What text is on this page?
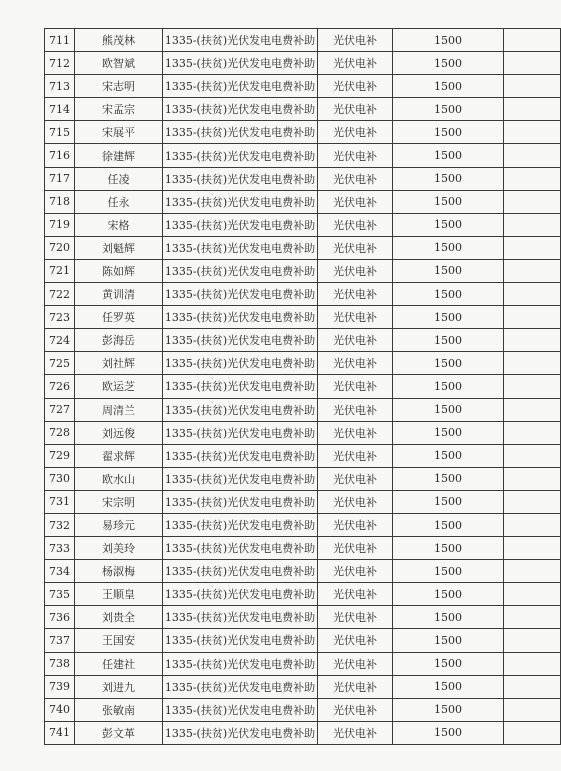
711	熊茂林	1335-(扶贫)光伏发电电费补助	光伏电补	1500	
712	欧智斌	1335-(扶贫)光伏发电电费补助	光伏电补	1500	
713	宋志明	1335-(扶贫)光伏发电电费补助	光伏电补	1500	
714	宋孟宗	1335-(扶贫)光伏发电电费补助	光伏电补	1500	
715	宋展平	1335-(扶贫)光伏发电电费补助	光伏电补	1500	
716	徐建辉	1335-(扶贫)光伏发电电费补助	光伏电补	1500	
717	任凌	1335-(扶贫)光伏发电电费补助	光伏电补	1500	
718	任永	1335-(扶贫)光伏发电电费补助	光伏电补	1500	
719	宋格	1335-(扶贫)光伏发电电费补助	光伏电补	1500	
720	刘魁辉	1335-(扶贫)光伏发电电费补助	光伏电补	1500	
721	陈如辉	1335-(扶贫)光伏发电电费补助	光伏电补	1500	
722	黄训清	1335-(扶贫)光伏发电电费补助	光伏电补	1500	
723	任罗英	1335-(扶贫)光伏发电电费补助	光伏电补	1500	
724	彭海岳	1335-(扶贫)光伏发电电费补助	光伏电补	1500	
725	刘社辉	1335-(扶贫)光伏发电电费补助	光伏电补	1500	
726	欧运芝	1335-(扶贫)光伏发电电费补助	光伏电补	1500	
727	周清兰	1335-(扶贫)光伏发电电费补助	光伏电补	1500	
728	刘远俊	1335-(扶贫)光伏发电电费补助	光伏电补	1500	
729	翟求辉	1335-(扶贫)光伏发电电费补助	光伏电补	1500	
730	欧水山	1335-(扶贫)光伏发电电费补助	光伏电补	1500	
731	宋宗明	1335-(扶贫)光伏发电电费补助	光伏电补	1500	
732	易珍元	1335-(扶贫)光伏发电电费补助	光伏电补	1500	
733	刘美玲	1335-(扶贫)光伏发电电费补助	光伏电补	1500	
734	杨淑梅	1335-(扶贫)光伏发电电费补助	光伏电补	1500	
735	王顺皇	1335-(扶贫)光伏发电电费补助	光伏电补	1500	
736	刘贵全	1335-(扶贫)光伏发电电费补助	光伏电补	1500	
737	王国安	1335-(扶贫)光伏发电电费补助	光伏电补	1500	
738	任建社	1335-(扶贫)光伏发电电费补助	光伏电补	1500	
739	刘进九	1335-(扶贫)光伏发电电费补助	光伏电补	1500	
740	张敏南	1335-(扶贫)光伏发电电费补助	光伏电补	1500	
741	彭文革	1335-(扶贫)光伏发电电费补助	光伏电补	1500	
